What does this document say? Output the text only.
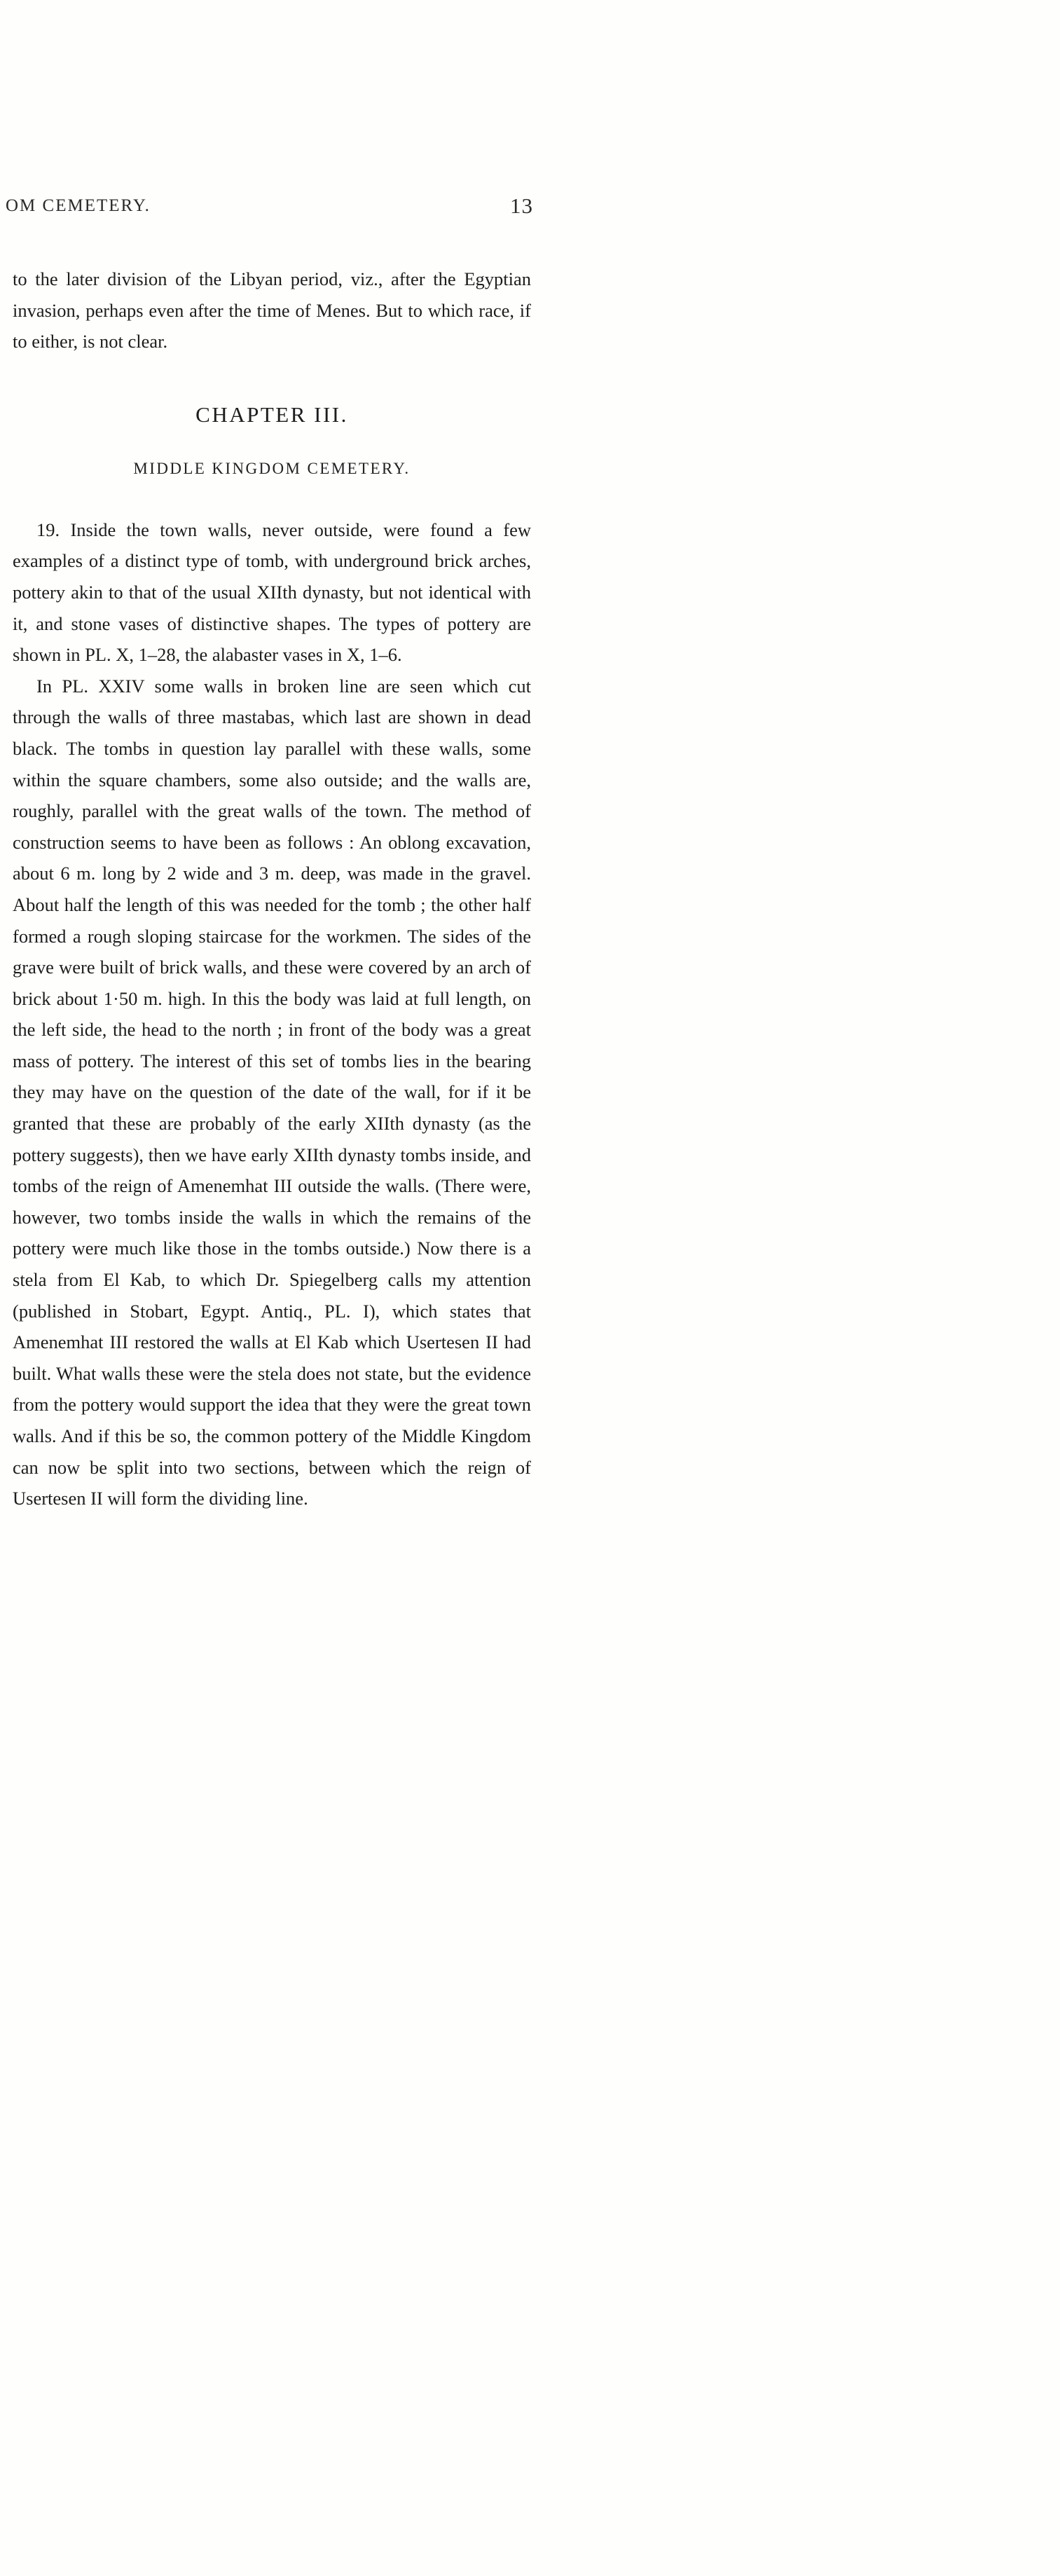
OM CEMETERY.	13

to the later division of the Libyan period, viz., after the Egyptian invasion, perhaps even after the time of Menes. But to which race, if to either, is not clear.

CHAPTER III.

MIDDLE KINGDOM CEMETERY.

19. Inside the town walls, never outside, were found a few examples of a distinct type of tomb, with underground brick arches, pottery akin to that of the usual XIIth dynasty, but not identical with it, and stone vases of distinctive shapes. The types of pottery are shown in PL. X, 1–28, the alabaster vases in X, 1–6.

In PL. XXIV some walls in broken line are seen which cut through the walls of three mastabas, which last are shown in dead black. The tombs in question lay parallel with these walls, some within the square chambers, some also outside; and the walls are, roughly, parallel with the great walls of the town. The method of construction seems to have been as follows : An oblong excavation, about 6 m. long by 2 wide and 3 m. deep, was made in the gravel. About half the length of this was needed for the tomb ; the other half formed a rough sloping staircase for the workmen. The sides of the grave were built of brick walls, and these were covered by an arch of brick about 1·50 m. high. In this the body was laid at full length, on the left side, the head to the north ; in front of the body was a great mass of pottery. The interest of this set of tombs lies in the bearing they may have on the question of the date of the wall, for if it be granted that these are probably of the early XIIth dynasty (as the pottery suggests), then we have early XIIth dynasty tombs inside, and tombs of the reign of Amenemhat III outside the walls. (There were, however, two tombs inside the walls in which the remains of the pottery were much like those in the tombs outside.) Now there is a stela from El Kab, to which Dr. Spiegelberg calls my attention (published in Stobart, Egypt. Antiq., PL. I), which states that Amenemhat III restored the walls at El Kab which Usertesen II had built. What walls these were the stela does not state, but the evidence from the pottery would support the idea that they were the great town walls. And if this be so, the common pottery of the Middle Kingdom can now be split into two sections, between which the reign of Usertesen II will form the dividing line.
